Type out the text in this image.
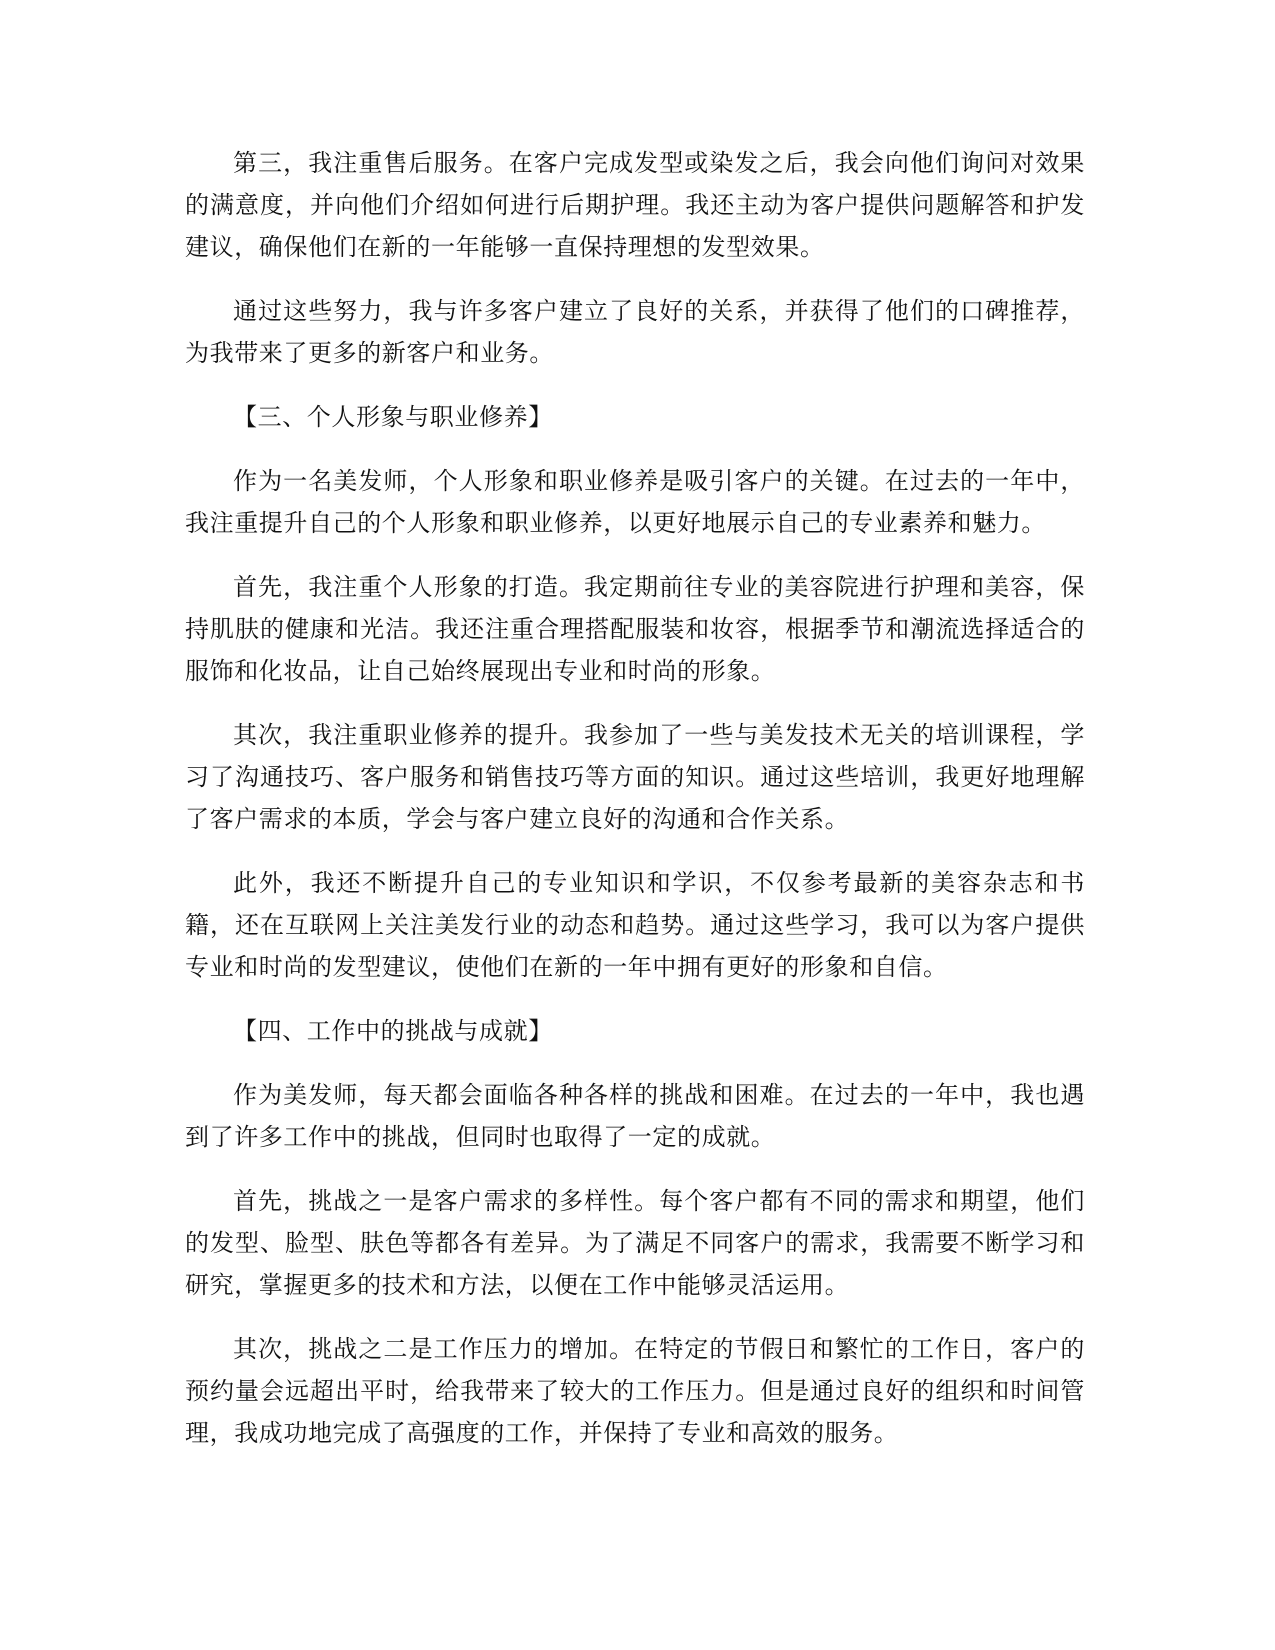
第三，我注重售后服务。在客户完成发型或染发之后，我会向他们询问对效果的满意度，并向他们介绍如何进行后期护理。我还主动为客户提供问题解答和护发建议，确保他们在新的一年能够一直保持理想的发型效果。

通过这些努力，我与许多客户建立了良好的关系，并获得了他们的口碑推荐，为我带来了更多的新客户和业务。

【三、个人形象与职业修养】

作为一名美发师，个人形象和职业修养是吸引客户的关键。在过去的一年中，我注重提升自己的个人形象和职业修养，以更好地展示自己的专业素养和魅力。

首先，我注重个人形象的打造。我定期前往专业的美容院进行护理和美容，保持肌肤的健康和光洁。我还注重合理搭配服装和妆容，根据季节和潮流选择适合的服饰和化妆品，让自己始终展现出专业和时尚的形象。

其次，我注重职业修养的提升。我参加了一些与美发技术无关的培训课程，学习了沟通技巧、客户服务和销售技巧等方面的知识。通过这些培训，我更好地理解了客户需求的本质，学会与客户建立良好的沟通和合作关系。

此外，我还不断提升自己的专业知识和学识，不仅参考最新的美容杂志和书籍，还在互联网上关注美发行业的动态和趋势。通过这些学习，我可以为客户提供专业和时尚的发型建议，使他们在新的一年中拥有更好的形象和自信。

【四、工作中的挑战与成就】

作为美发师，每天都会面临各种各样的挑战和困难。在过去的一年中，我也遇到了许多工作中的挑战，但同时也取得了一定的成就。

首先，挑战之一是客户需求的多样性。每个客户都有不同的需求和期望，他们的发型、脸型、肤色等都各有差异。为了满足不同客户的需求，我需要不断学习和研究，掌握更多的技术和方法，以便在工作中能够灵活运用。

其次，挑战之二是工作压力的增加。在特定的节假日和繁忙的工作日，客户的预约量会远超出平时，给我带来了较大的工作压力。但是通过良好的组织和时间管理，我成功地完成了高强度的工作，并保持了专业和高效的服务。
